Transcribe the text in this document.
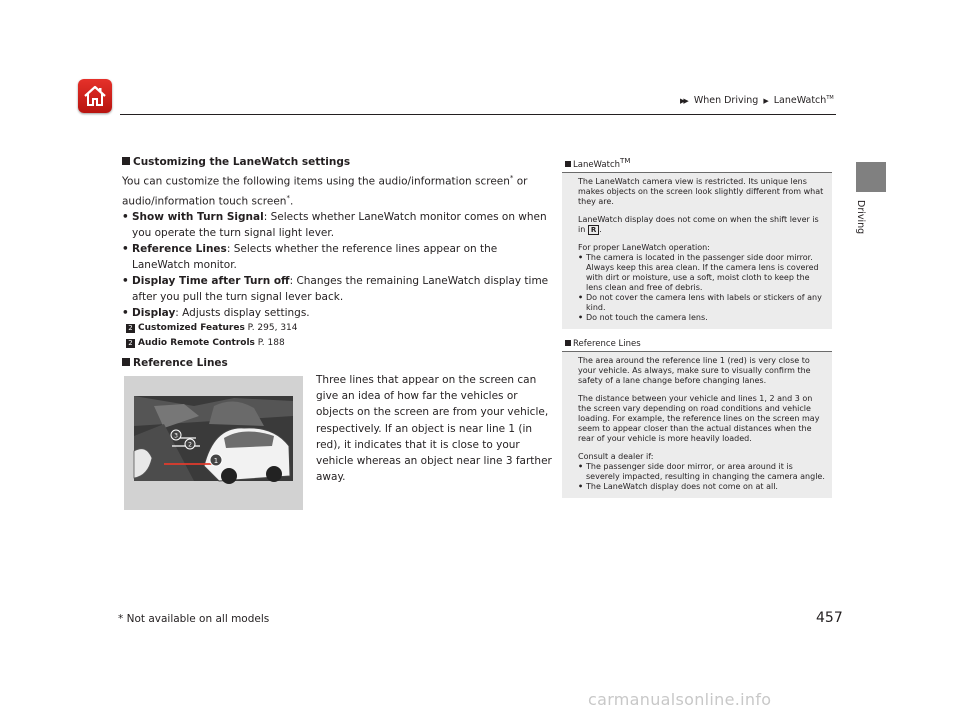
▶▶ When Driving ▶ LaneWatch™
Driving

Customizing the LaneWatch settings

You can customize the following items using the audio/information screen* or
audio/information touch screen*.

• Show with Turn Signal: Selects whether LaneWatch monitor comes on when you operate the turn signal light lever.
• Reference Lines: Selects whether the reference lines appear on the LaneWatch monitor.
• Display Time after Turn off: Changes the remaining LaneWatch display time after you pull the turn signal lever back.
• Display: Adjusts display settings.
2 Customized Features P. 295, 314
2 Audio Remote Controls P. 188

Reference Lines

1
2
3
Three lines that appear on the screen can give an idea of how far the vehicles or objects on the screen are from your vehicle, respectively. If an object is near line 1 (in red), it indicates that it is close to your vehicle whereas an object near line 3 farther away.
LaneWatch™

The LaneWatch camera view is restricted. Its unique lens makes objects on the screen look slightly different from what they are.

LaneWatch display does not come on when the shift lever is in R .

For proper LaneWatch operation:

• The camera is located in the passenger side door mirror. Always keep this area clean. If the camera lens is covered with dirt or moisture, use a soft, moist cloth to keep the lens clean and free of debris.
• Do not cover the camera lens with labels or stickers of any kind.
• Do not touch the camera lens.
Reference Lines

The area around the reference line 1 (red) is very close to your vehicle. As always, make sure to visually confirm the safety of a lane change before changing lanes.

The distance between your vehicle and lines 1, 2 and 3 on the screen vary depending on road conditions and vehicle loading. For example, the reference lines on the screen may seem to appear closer than the actual distances when the rear of your vehicle is more heavily loaded.

Consult a dealer if:

• The passenger side door mirror, or area around it is severely impacted, resulting in changing the camera angle.
• The LaneWatch display does not come on at all.
* Not available on all models	457
carmanualsonline.info
